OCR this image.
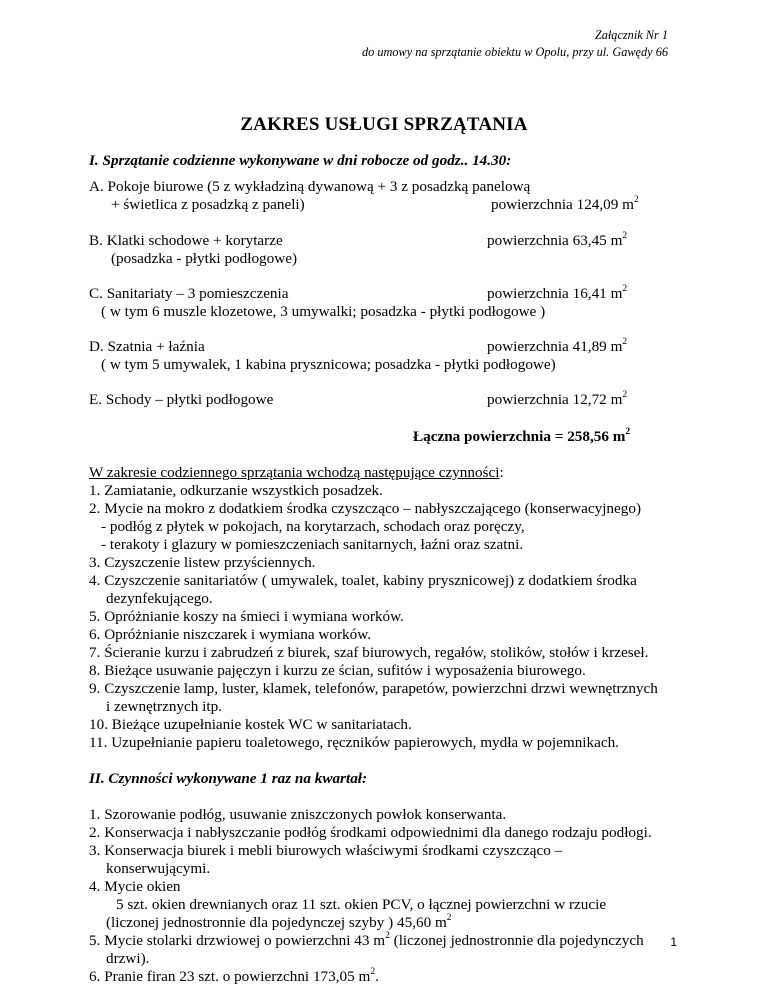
Załącznik Nr 1
do umowy na sprzątanie obiektu w Opolu, przy ul. Gawędy 66
ZAKRES USŁUGI SPRZĄTANIA
I. Sprzątanie codzienne wykonywane w dni robocze od godz.. 14.30:
A. Pokoje biurowe (5 z wykładziną dywanową + 3 z posadzką panelową
+ świetlica z posadzką z paneli)	powierzchnia 124,09 $m^2$
B. Klatki schodowe + korytarze
(posadzka - płytki podłogowe)
powierzchnia 63,45 $m^2$
C. Sanitariaty – 3 pomieszczenia
( w tym 6 muszle klozetowe, 3 umywalki; posadzka - płytki podłogowe )
powierzchnia 16,41 $m^2$
D. Szatnia + łaźnia
( w tym 5 umywalek, 1 kabina prysznicowa; posadzka - płytki podłogowe)
powierzchnia 41,89 $m^2$
E. Schody – płytki podłogowe	powierzchnia 12,72 $m^2$
Łączna powierzchnia = 258,56 $m^2$
W zakresie codziennego sprzątania wchodzą następujące czynności:
1. Zamiatanie, odkurzanie wszystkich posadzek.
2. Mycie na mokro z dodatkiem środka czyszcząco – nabłyszczającego (konserwacyjnego)
- podłóg z płytek w pokojach, na korytarzach, schodach oraz poręczy,
- terakoty i glazury w pomieszczeniach sanitarnych, łaźni oraz szatni.
3. Czyszczenie listew przyściennych.
4. Czyszczenie sanitariatów ( umywalek, toalet, kabiny prysznicowej) z dodatkiem środka
dezynfekującego.
5. Opróżnianie koszy na śmieci i wymiana worków.
6. Opróżnianie niszczarek i wymiana worków.
7. Ścieranie kurzu i zabrudzeń z biurek, szaf biurowych, regałów, stolików, stołów i krzeseł.
8. Bieżące usuwanie pajęczyn i kurzu ze ścian, sufitów i wyposażenia biurowego.
9. Czyszczenie lamp, luster, klamek, telefonów, parapetów, powierzchni drzwi wewnętrznych
i zewnętrznych itp.
10. Bieżące uzupełnianie kostek WC w sanitariatach.
11. Uzupełnianie papieru toaletowego, ręczników papierowych, mydła w pojemnikach.
II. Czynności wykonywane 1 raz na kwartał:
1. Szorowanie podłóg, usuwanie zniszczonych powłok konserwanta.
2. Konserwacja i nabłyszczanie podłóg środkami odpowiednimi dla danego rodzaju podłogi.
3. Konserwacja biurek i mebli biurowych właściwymi środkami czyszcząco –
konserwującymi.
4. Mycie okien
5 szt. okien drewnianych oraz 11 szt. okien PCV, o łącznej powierzchni w rzucie
(liczonej jednostronnie dla pojedynczej szyby ) 45,60 $m^2$
5. Mycie stolarki drzwiowej o powierzchni 43 $m^2$ (liczonej jednostronnie dla pojedynczych
drzwi).
6. Pranie firan 23 szt. o powierzchni 173,05 $m^2$.
1
